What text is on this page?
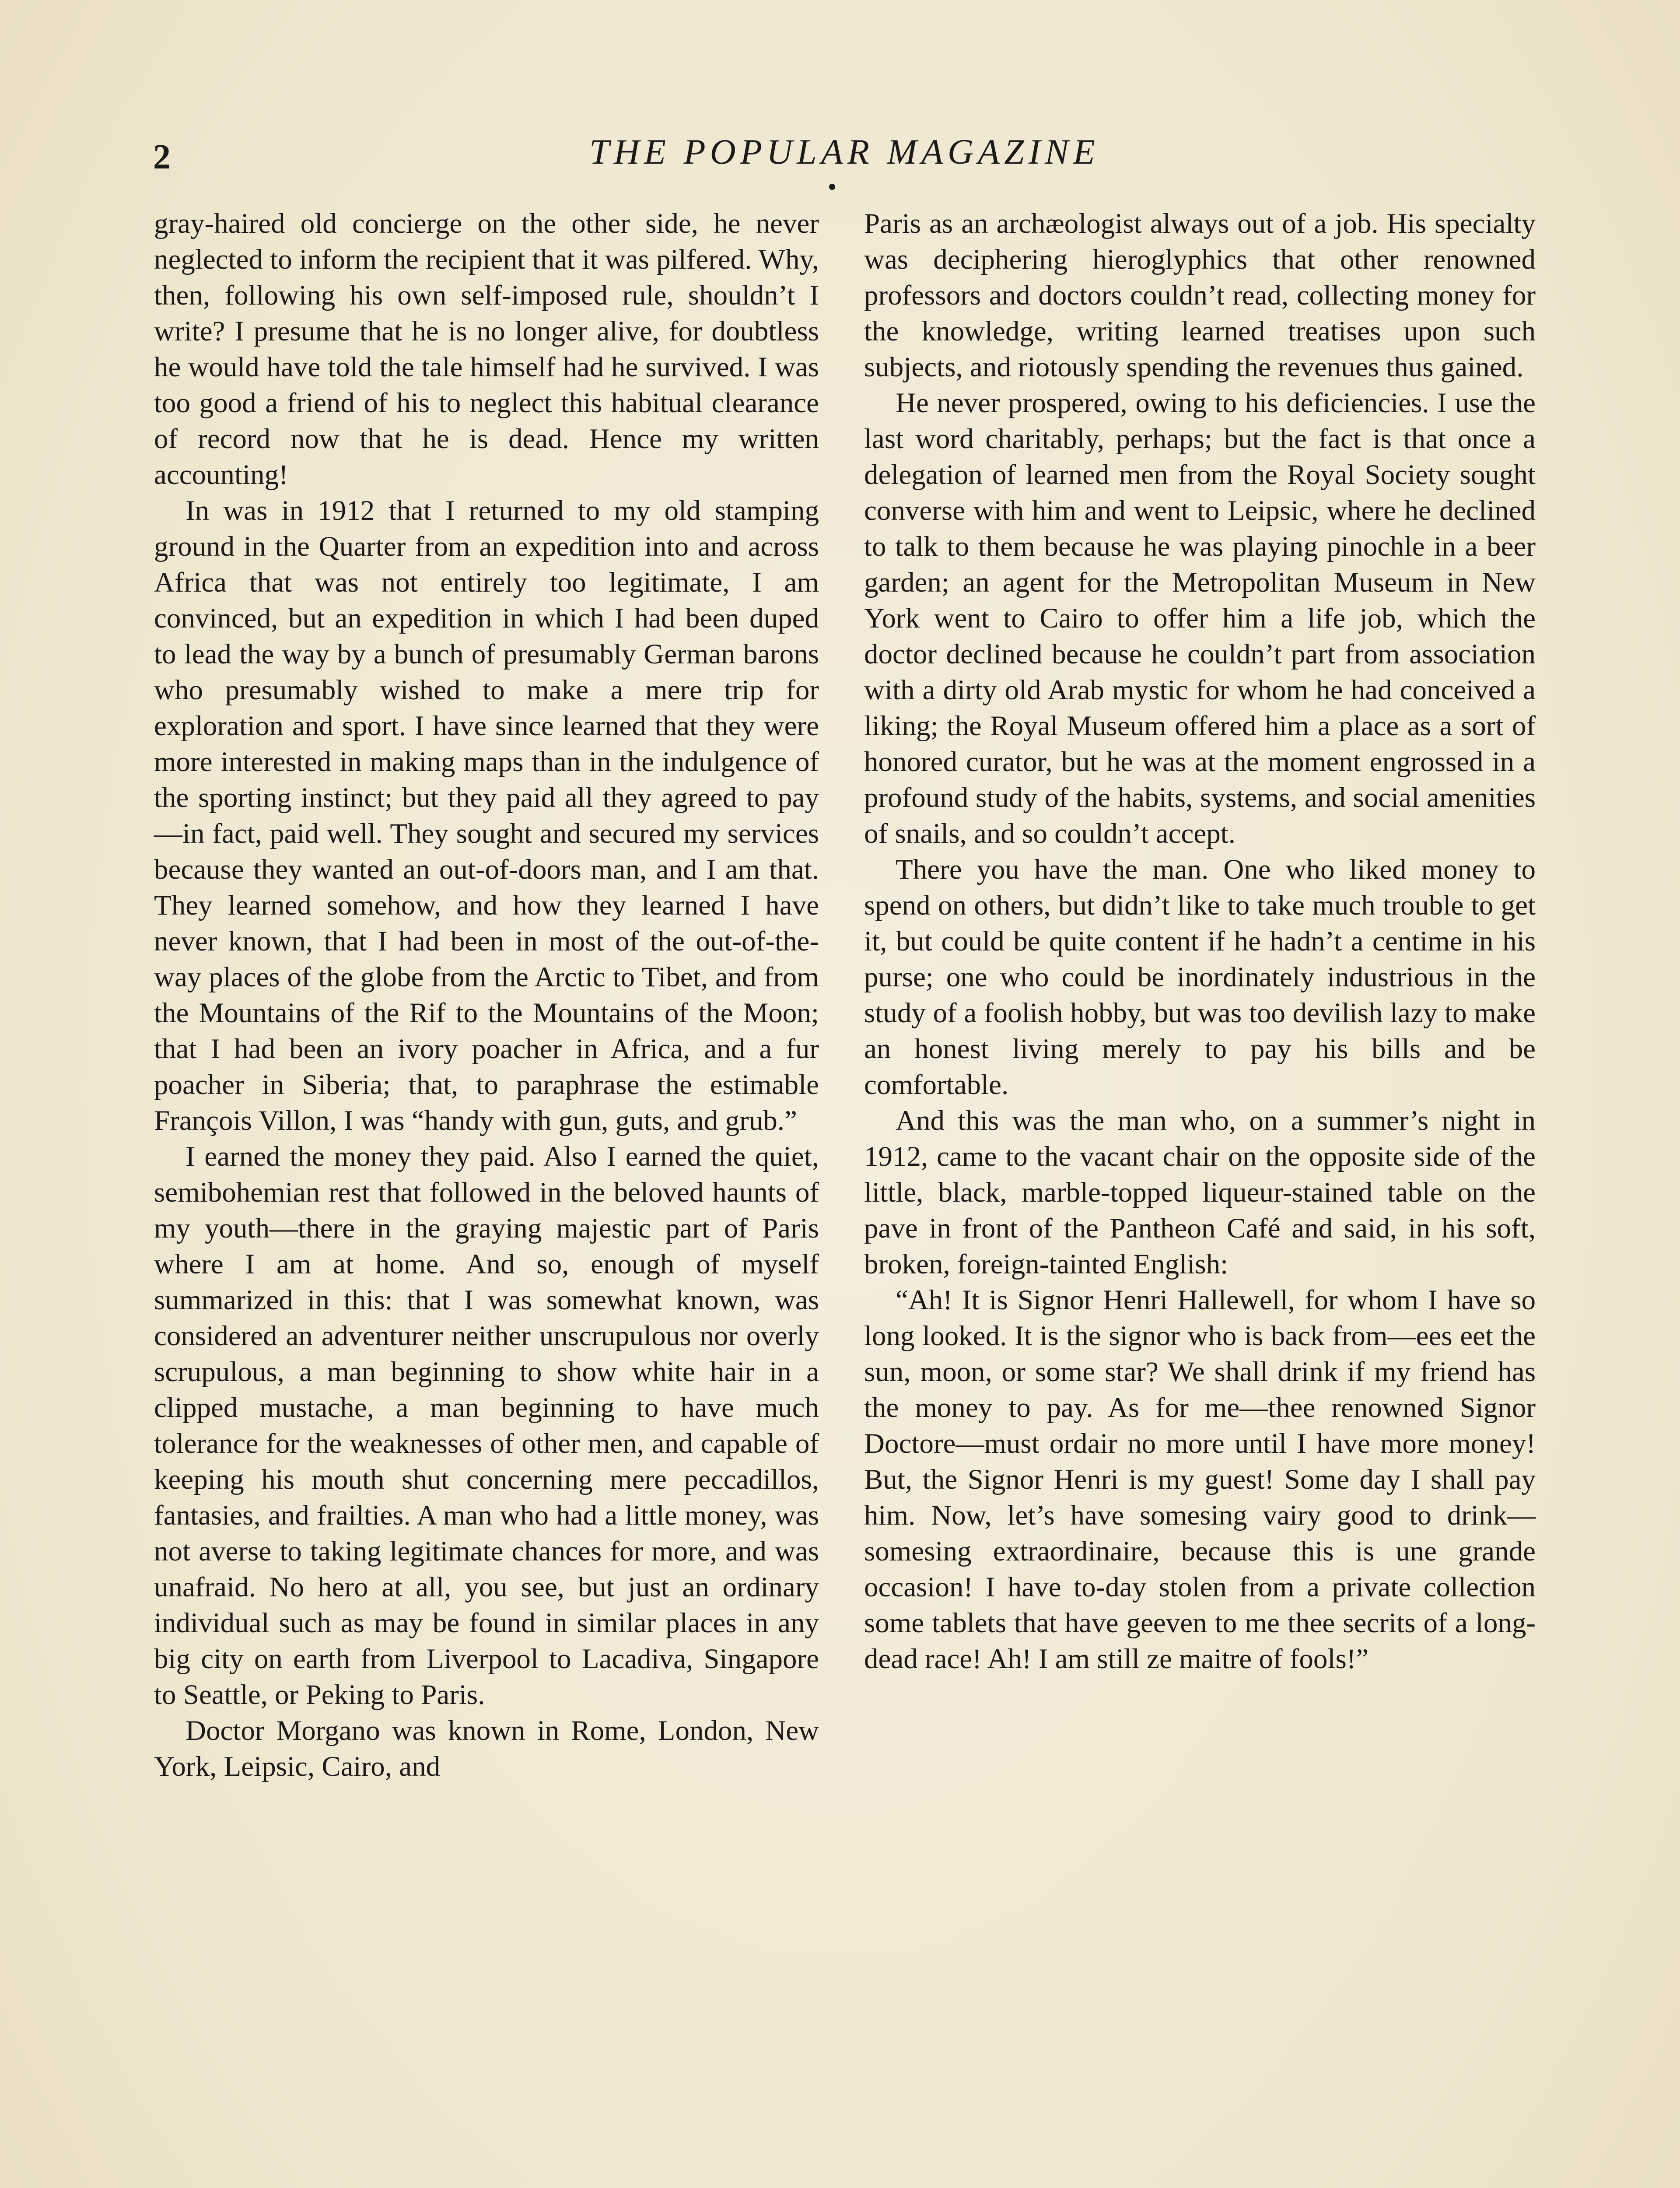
2	THE POPULAR MAGAZINE

gray-haired old concierge on the other side, he never neglected to inform the recipient that it was pilfered. Why, then, following his own self-imposed rule, shouldn’t I write? I presume that he is no longer alive, for doubtless he would have told the tale himself had he survived. I was too good a friend of his to neglect this habitual clearance of record now that he is dead. Hence my written accounting!

In was in 1912 that I returned to my old stamping ground in the Quarter from an expedition into and across Africa that was not entirely too legitimate, I am convinced, but an expedition in which I had been duped to lead the way by a bunch of presumably German barons who presumably wished to make a mere trip for exploration and sport. I have since learned that they were more interested in making maps than in the indulgence of the sporting instinct; but they paid all they agreed to pay—in fact, paid well. They sought and secured my services because they wanted an out-of-doors man, and I am that. They learned somehow, and how they learned I have never known, that I had been in most of the out-of-the-way places of the globe from the Arctic to Tibet, and from the Mountains of the Rif to the Mountains of the Moon; that I had been an ivory poacher in Africa, and a fur poacher in Siberia; that, to paraphrase the estimable François Villon, I was “handy with gun, guts, and grub.”

I earned the money they paid. Also I earned the quiet, semibohemian rest that followed in the beloved haunts of my youth—there in the graying majestic part of Paris where I am at home. And so, enough of myself summarized in this: that I was somewhat known, was considered an adventurer neither unscrupulous nor overly scrupulous, a man beginning to show white hair in a clipped mustache, a man beginning to have much tolerance for the weaknesses of other men, and capable of keeping his mouth shut concerning mere peccadillos, fantasies, and frailties. A man who had a little money, was not averse to taking legitimate chances for more, and was unafraid. No hero at all, you see, but just an ordinary individual such as may be found in similar places in any big city on earth from Liverpool to Lacadiva, Singapore to Seattle, or Peking to Paris.

Doctor Morgano was known in Rome, London, New York, Leipsic, Cairo, and

Paris as an archæologist always out of a job. His specialty was deciphering hieroglyphics that other renowned professors and doctors couldn’t read, collecting money for the knowledge, writing learned treatises upon such subjects, and riotously spending the revenues thus gained.

He never prospered, owing to his deficiencies. I use the last word charitably, perhaps; but the fact is that once a delegation of learned men from the Royal Society sought converse with him and went to Leipsic, where he declined to talk to them because he was playing pinochle in a beer garden; an agent for the Metropolitan Museum in New York went to Cairo to offer him a life job, which the doctor declined because he couldn’t part from association with a dirty old Arab mystic for whom he had conceived a liking; the Royal Museum offered him a place as a sort of honored curator, but he was at the moment engrossed in a profound study of the habits, systems, and social amenities of snails, and so couldn’t accept.

There you have the man. One who liked money to spend on others, but didn’t like to take much trouble to get it, but could be quite content if he hadn’t a centime in his purse; one who could be inordinately industrious in the study of a foolish hobby, but was too devilish lazy to make an honest living merely to pay his bills and be comfortable.

And this was the man who, on a summer’s night in 1912, came to the vacant chair on the opposite side of the little, black, marble-topped liqueur-stained table on the pave in front of the Pantheon Café and said, in his soft, broken, foreign-tainted English:

“Ah! It is Signor Henri Hallewell, for whom I have so long looked. It is the signor who is back from—ees eet the sun, moon, or some star? We shall drink if my friend has the money to pay. As for me—thee renowned Signor Doctore—must ordair no more until I have more money! But, the Signor Henri is my guest! Some day I shall pay him. Now, let’s have somesing vairy good to drink—somesing extraordinaire, because this is une grande occasion! I have to-day stolen from a private collection some tablets that have geeven to me thee secrits of a long-dead race! Ah! I am still ze maitre of fools!”
